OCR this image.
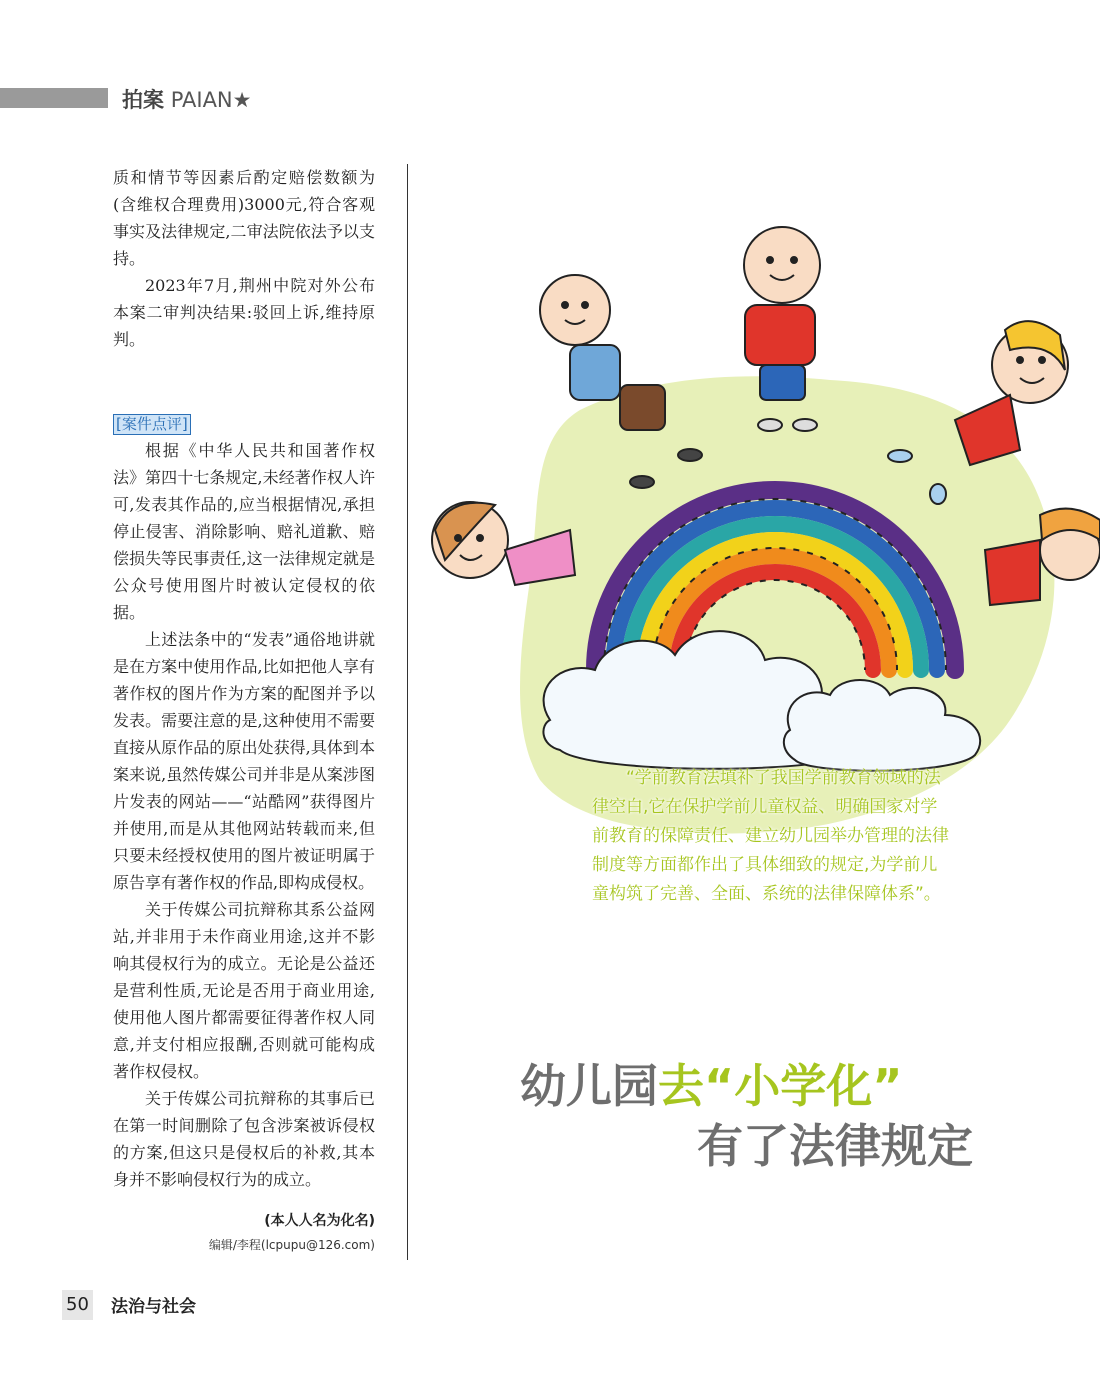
拍案 PAIAN★

质和情节等因素后酌定赔偿数额为(含维权合理费用)3000元,符合客观事实及法律规定,二审法院依法予以支持。

2023年7月,荆州中院对外公布本案二审判决结果:驳回上诉,维持原判。

[案件点评]

根据《中华人民共和国著作权法》第四十七条规定,未经著作权人许可,发表其作品的,应当根据情况,承担停止侵害、消除影响、赔礼道歉、赔偿损失等民事责任,这一法律规定就是公众号使用图片时被认定侵权的依据。

上述法条中的“发表”通俗地讲就是在方案中使用作品,比如把他人享有著作权的图片作为方案的配图并予以发表。需要注意的是,这种使用不需要直接从原作品的原出处获得,具体到本案来说,虽然传媒公司并非是从案涉图片发表的网站——“站酷网”获得图片并使用,而是从其他网站转载而来,但只要未经授权使用的图片被证明属于原告享有著作权的作品,即构成侵权。

关于传媒公司抗辩称其系公益网站,并非用于未作商业用途,这并不影响其侵权行为的成立。无论是公益还是营利性质,无论是否用于商业用途,使用他人图片都需要征得著作权人同意,并支付相应报酬,否则就可能构成著作权侵权。

关于传媒公司抗辩称的其事后已在第一时间删除了包含涉案被诉侵权的方案,但这只是侵权后的补救,其本身并不影响侵权行为的成立。

(本人人名为化名)
编辑/李程(lcpupu@126.com)
50 法治与社会

“学前教育法填补了我国学前教育领域的法律空白,它在保护学前儿童权益、明确国家对学前教育的保障责任、建立幼儿园举办管理的法律制度等方面都作出了具体细致的规定,为学前儿童构筑了完善、全面、系统的法律保障体系”。

幼儿园去“小学化”
有了法律规定
